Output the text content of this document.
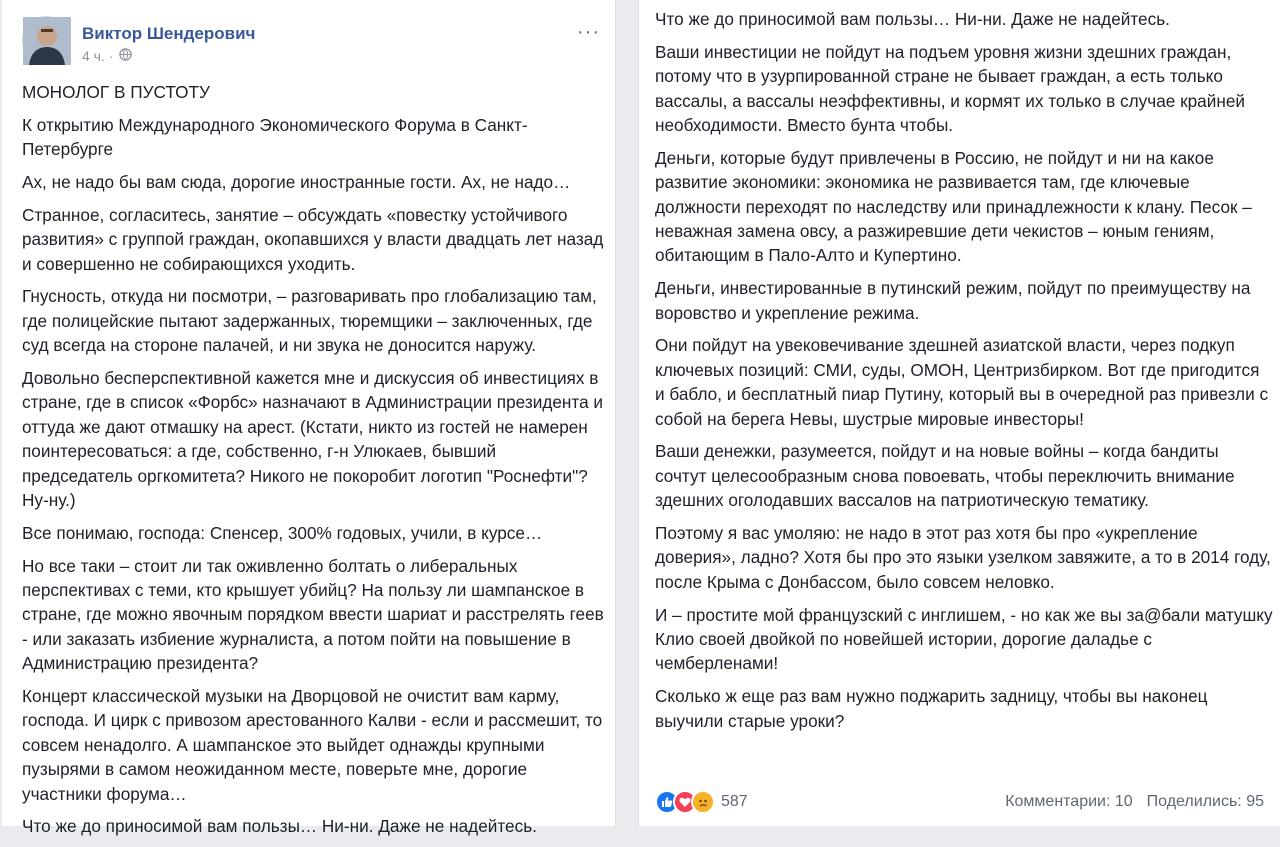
Виктор Шендерович
4 ч. ·
···

МОНОЛОГ В ПУСТОТУ

К открытию Международного Экономического Форума в Санкт-Петербурге

Ах, не надо бы вам сюда, дорогие иностранные гости. Ах, не надо…

Странное, согласитесь, занятие – обсуждать «повестку устойчивого развития» с группой граждан, окопавшихся у власти двадцать лет назад и совершенно не собирающихся уходить.

Гнусность, откуда ни посмотри, – разговаривать про глобализацию там, где полицейские пытают задержанных, тюремщики – заключенных, где суд всегда на стороне палачей, и ни звука не доносится наружу.

Довольно бесперспективной кажется мне и дискуссия об инвестициях в стране, где в список «Форбс» назначают в Администрации президента и оттуда же дают отмашку на арест. (Кстати, никто из гостей не намерен поинтересоваться: а где, собственно, г-н Улюкаев, бывший председатель оргкомитета? Никого не покоробит логотип "Роснефти"? Ну-ну.)

Все понимаю, господа: Спенсер, 300% годовых, учили, в курсе…

Но все таки – стоит ли так оживленно болтать о либеральных перспективах с теми, кто крышует убийц? На пользу ли шампанское в стране, где можно явочным порядком ввести шариат и расстрелять геев - или заказать избиение журналиста, а потом пойти на повышение в Администрацию президента?

Концерт классической музыки на Дворцовой не очистит вам карму, господа. И цирк с привозом арестованного Калви - если и рассмешит, то совсем ненадолго. А шампанское это выйдет однажды крупными пузырями в самом неожиданном месте, поверьте мне, дорогие участники форума…

Что же до приносимой вам пользы… Ни-ни. Даже не надейтесь.

Что же до приносимой вам пользы… Ни-ни. Даже не надейтесь.

Ваши инвестиции не пойдут на подъем уровня жизни здешних граждан, потому что в узурпированной стране не бывает граждан, а есть только вассалы, а вассалы неэффективны, и кормят их только в случае крайней необходимости. Вместо бунта чтобы.

Деньги, которые будут привлечены в Россию, не пойдут и ни на какое развитие экономики: экономика не развивается там, где ключевые должности переходят по наследству или принадлежности к клану. Песок – неважная замена овсу, а разжиревшие дети чекистов – юным гениям, обитающим в Пало-Алто и Купертино.

Деньги, инвестированные в путинский режим, пойдут по преимуществу на воровство и укрепление режима.

Они пойдут на увековечивание здешней азиатской власти, через подкуп ключевых позиций: СМИ, суды, ОМОН, Центризбирком. Вот где пригодится и бабло, и бесплатный пиар Путину, который вы в очередной раз привезли с собой на берега Невы, шустрые мировые инвесторы!

Ваши денежки, разумеется, пойдут и на новые войны – когда бандиты сочтут целесообразным снова повоевать, чтобы переключить внимание здешних оголодавших вассалов на патриотическую тематику.

Поэтому я вас умоляю: не надо в этот раз хотя бы про «укрепление доверия», ладно? Хотя бы про это языки узелком завяжите, а то в 2014 году, после Крыма с Донбассом, было совсем неловко.

И – простите мой французский с инглишем, - но как же вы за@бали матушку Клио своей двойкой по новейшей истории, дорогие даладье с чемберленами!

Сколько ж еще раз вам нужно поджарить задницу, чтобы вы наконец выучили старые уроки?

587	Комментарии: 10 Поделились: 95
